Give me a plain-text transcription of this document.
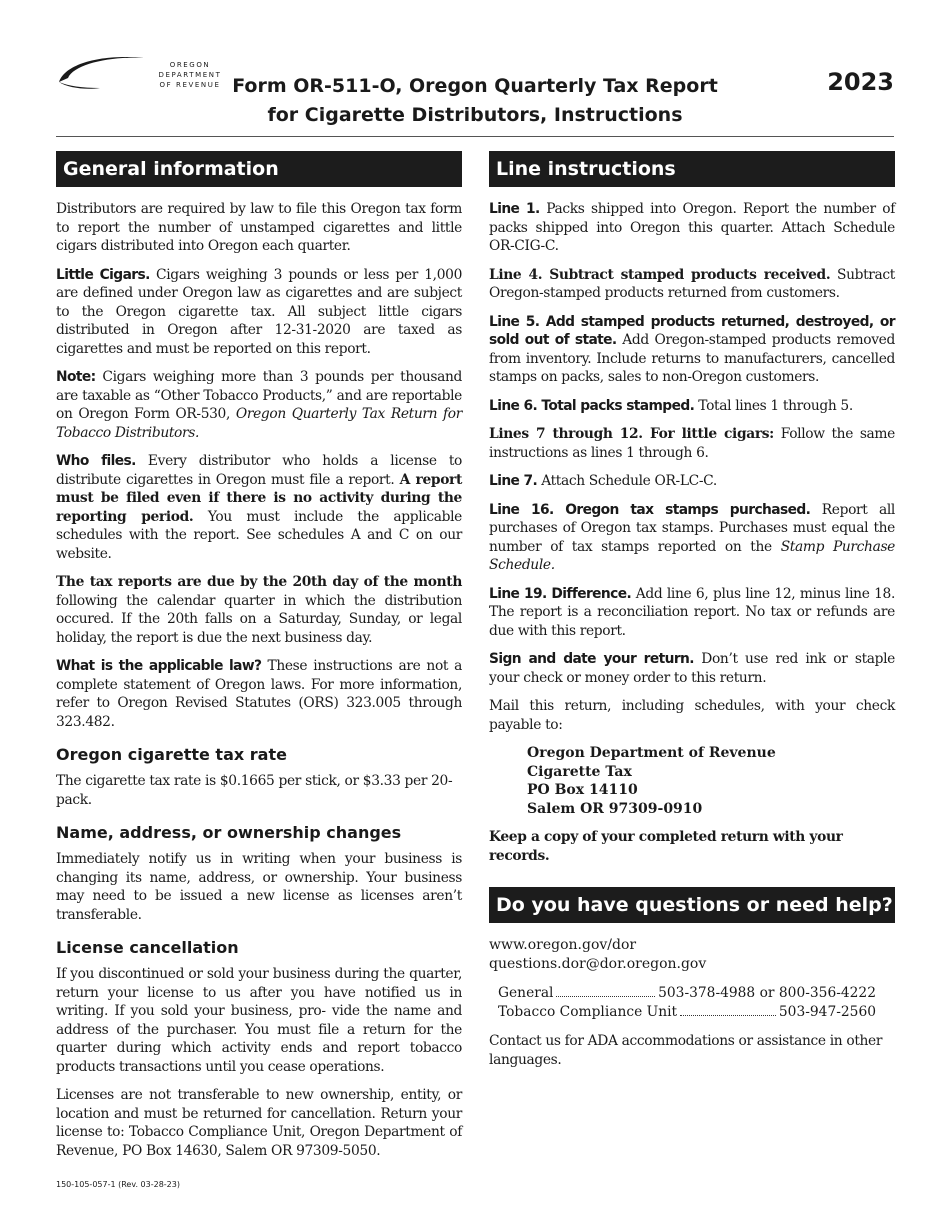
OREGON
DEPARTMENT
OF REVENUE Form OR-511-O, Oregon Quarterly Tax Report
for Cigarette Distributors, Instructions
2023
General information

Distributors are required by law to file this Oregon tax form to report the number of unstamped cigarettes and little cigars distributed into Oregon each quarter.

Little Cigars. Cigars weighing 3 pounds or less per 1,000 are defined under Oregon law as cigarettes and are subject to the Oregon cigarette tax. All subject little cigars distributed in Oregon after 12-31-2020 are taxed as cigarettes and must be reported on this report.

Note: Cigars weighing more than 3 pounds per thousand are taxable as “Other Tobacco Products,” and are reportable on Oregon Form OR-530, Oregon Quarterly Tax Return for Tobacco Distributors.

Who files. Every distributor who holds a license to distribute cigarettes in Oregon must file a report. A report must be filed even if there is no activity during the reporting period. You must include the applicable schedules with the report. See schedules A and C on our website.

The tax reports are due by the 20th day of the month following the calendar quarter in which the distribution occured. If the 20th falls on a Saturday, Sunday, or legal holiday, the report is due the next business day.

What is the applicable law? These instructions are not a complete statement of Oregon laws. For more information, refer to Oregon Revised Statutes (ORS) 323.005 through 323.482.

Oregon cigarette tax rate

The cigarette tax rate is $0.1665 per stick, or $3.33 per 20-pack.

Name, address, or ownership changes

Immediately notify us in writing when your business is changing its name, address, or ownership. Your business may need to be issued a new license as licenses aren’t transferable.

License cancellation

If you discontinued or sold your business during the quarter, return your license to us after you have notified us in writing. If you sold your business, pro- vide the name and address of the purchaser. You must file a return for the quarter during which activity ends and report tobacco products transactions until you cease operations.

Licenses are not transferable to new ownership, entity, or location and must be returned for cancellation. Return your license to: Tobacco Compliance Unit, Oregon Department of Revenue, PO Box 14630, Salem OR 97309-5050.

Line instructions

Line 1. Packs shipped into Oregon. Report the number of packs shipped into Oregon this quarter. Attach Schedule OR-CIG-C.

Line 4. Subtract stamped products received. Subtract Oregon-stamped products returned from customers.

Line 5. Add stamped products returned, destroyed, or sold out of state. Add Oregon-stamped products removed from inventory. Include returns to manufacturers, cancelled stamps on packs, sales to non-Oregon customers.

Line 6. Total packs stamped. Total lines 1 through 5.

Lines 7 through 12. For little cigars: Follow the same instructions as lines 1 through 6.

Line 7. Attach Schedule OR-LC-C.

Line 16. Oregon tax stamps purchased. Report all purchases of Oregon tax stamps. Purchases must equal the number of tax stamps reported on the Stamp Purchase Schedule.

Line 19. Difference. Add line 6, plus line 12, minus line 18. The report is a reconciliation report. No tax or refunds are due with this report.

Sign and date your return. Don’t use red ink or staple your check or money order to this return.

Mail this return, including schedules, with your check payable to:

Oregon Department of Revenue
Cigarette Tax
PO Box 14110
Salem OR 97309-0910

Keep a copy of your completed return with your records.

Do you have questions or need help?
www.oregon.gov/dor
questions.dor@dor.oregon.gov
General	503-378-4988 or 800-356-4222
Tobacco Compliance Unit	503-947-2560

Contact us for ADA accommodations or assistance in other languages.

150-105-057-1 (Rev. 03-28-23)
